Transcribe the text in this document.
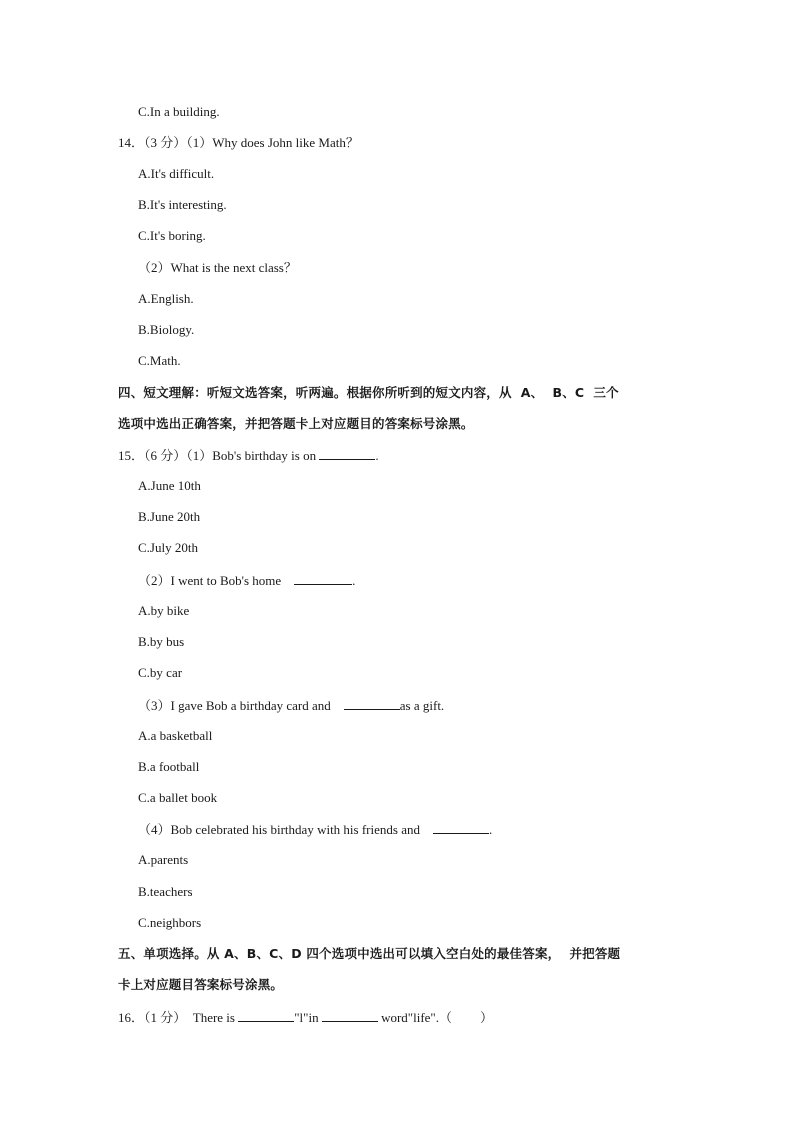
C.In a building.
14．（3 分）（1）Why does John like Math？
A.It's difficult.
B.It's interesting.
C.It's boring.
（2）What is the next class？
A.English.
B.Biology.
C.Math.
四、短文理解：听短文选答案，听两遍。根据你所听到的短文内容，从  A、  B、C  三个
选项中选出正确答案，并把答题卡上对应题目的答案标号涂黑。
15．（6 分）（1）Bob's birthday is on	.
A.June 10th
B.June 20th
C.July 20th
（2）I went to Bob's home	.
A.by bike
B.by bus
C.by car
（3）I gave Bob a birthday card and	as a gift.
A.a basketball
B.a football
C.a ballet book
（4）Bob celebrated his birthday with his friends and	.
A.parents
B.teachers
C.neighbors
五、单项选择。从 A、B、C、D 四个选项中选出可以填入空白处的最佳答案，  并把答题
卡上对应题目答案标号涂黑。
16．（1 分）  There is	"l"in	word"life".（ ）
